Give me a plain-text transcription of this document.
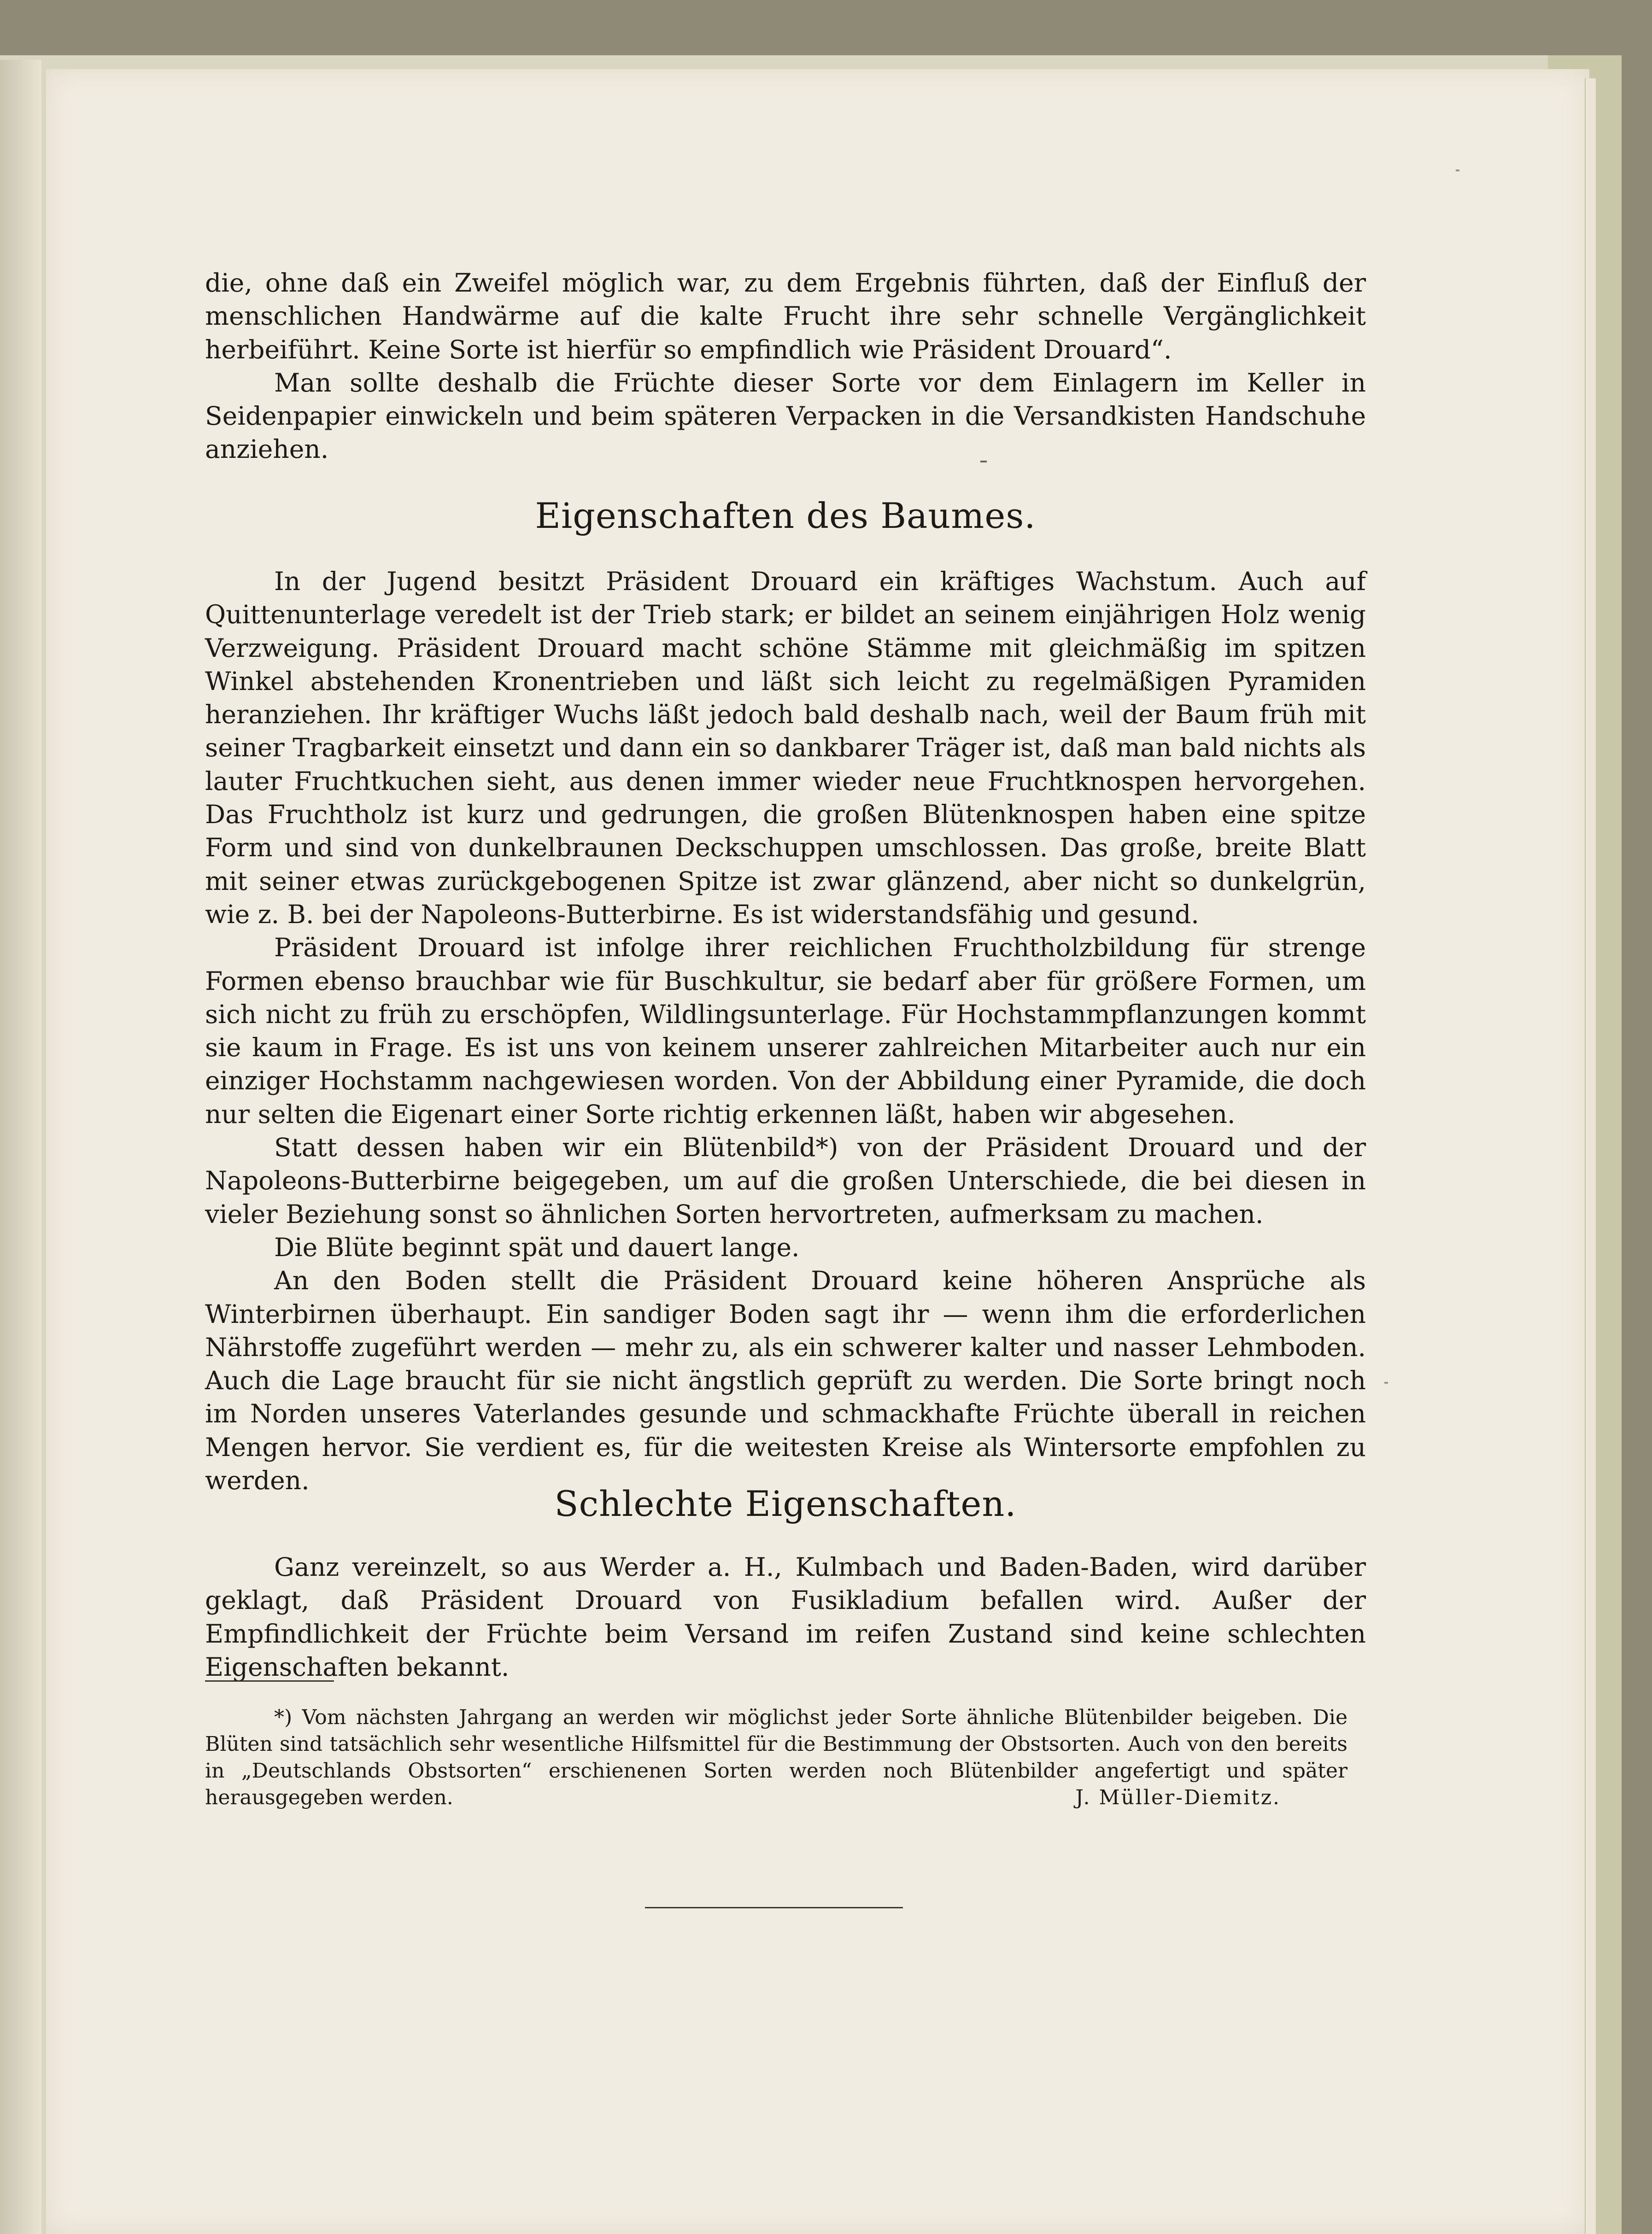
die, ohne daß ein Zweifel möglich war, zu dem Ergebnis führten, daß der Einfluß der menschlichen Handwärme auf die kalte Frucht ihre sehr schnelle Vergänglichkeit herbeiführt. Keine Sorte ist hierfür so empfindlich wie Präsident Drouard“.

Man sollte deshalb die Früchte dieser Sorte vor dem Einlagern im Keller in Seidenpapier einwickeln und beim späteren Verpacken in die Versandkisten Handschuhe anziehen.

Eigenschaften des Baumes.

In der Jugend besitzt Präsident Drouard ein kräftiges Wachstum. Auch auf Quittenunterlage veredelt ist der Trieb stark; er bildet an seinem einjährigen Holz wenig Verzweigung. Präsident Drouard macht schöne Stämme mit gleichmäßig im spitzen Winkel abstehenden Kronentrieben und läßt sich leicht zu regelmäßigen Pyramiden heranziehen. Ihr kräftiger Wuchs läßt jedoch bald deshalb nach, weil der Baum früh mit seiner Tragbarkeit einsetzt und dann ein so dankbarer Träger ist, daß man bald nichts als lauter Fruchtkuchen sieht, aus denen immer wieder neue Fruchtknospen hervorgehen. Das Fruchtholz ist kurz und gedrungen, die großen Blütenknospen haben eine spitze Form und sind von dunkelbraunen Deckschuppen umschlossen. Das große, breite Blatt mit seiner etwas zurückgebogenen Spitze ist zwar glänzend, aber nicht so dunkelgrün, wie z. B. bei der Napoleons-Butterbirne. Es ist widerstandsfähig und gesund.

Präsident Drouard ist infolge ihrer reichlichen Fruchtholzbildung für strenge Formen ebenso brauchbar wie für Buschkultur, sie bedarf aber für größere Formen, um sich nicht zu früh zu erschöpfen, Wildlingsunterlage. Für Hochstammpflanzungen kommt sie kaum in Frage. Es ist uns von keinem unserer zahlreichen Mitarbeiter auch nur ein einziger Hochstamm nachgewiesen worden. Von der Abbildung einer Pyramide, die doch nur selten die Eigenart einer Sorte richtig erkennen läßt, haben wir abgesehen.

Statt dessen haben wir ein Blütenbild*) von der Präsident Drouard und der Napoleons-Butterbirne beigegeben, um auf die großen Unterschiede, die bei diesen in vieler Beziehung sonst so ähnlichen Sorten hervortreten, aufmerksam zu machen.

Die Blüte beginnt spät und dauert lange.

An den Boden stellt die Präsident Drouard keine höheren Ansprüche als Winterbirnen überhaupt. Ein sandiger Boden sagt ihr — wenn ihm die erforderlichen Nährstoffe zugeführt werden — mehr zu, als ein schwerer kalter und nasser Lehmboden. Auch die Lage braucht für sie nicht ängstlich geprüft zu werden. Die Sorte bringt noch im Norden unseres Vaterlandes gesunde und schmackhafte Früchte überall in reichen Mengen hervor. Sie verdient es, für die weitesten Kreise als Wintersorte empfohlen zu werden.

Schlechte Eigenschaften.

Ganz vereinzelt, so aus Werder a. H., Kulmbach und Baden-Baden, wird darüber geklagt, daß Präsident Drouard von Fusikladium befallen wird. Außer der Empfindlichkeit der Früchte beim Versand im reifen Zustand sind keine schlechten Eigenschaften bekannt.

*) Vom nächsten Jahrgang an werden wir möglichst jeder Sorte ähnliche Blütenbilder beigeben. Die Blüten sind tatsächlich sehr wesentliche Hilfsmittel für die Bestimmung der Obstsorten. Auch von den bereits in „Deutschlands Obstsorten“ erschienenen Sorten werden noch Blütenbilder angefertigt und später herausgegeben werden.	J. Müller-Diemitz.
